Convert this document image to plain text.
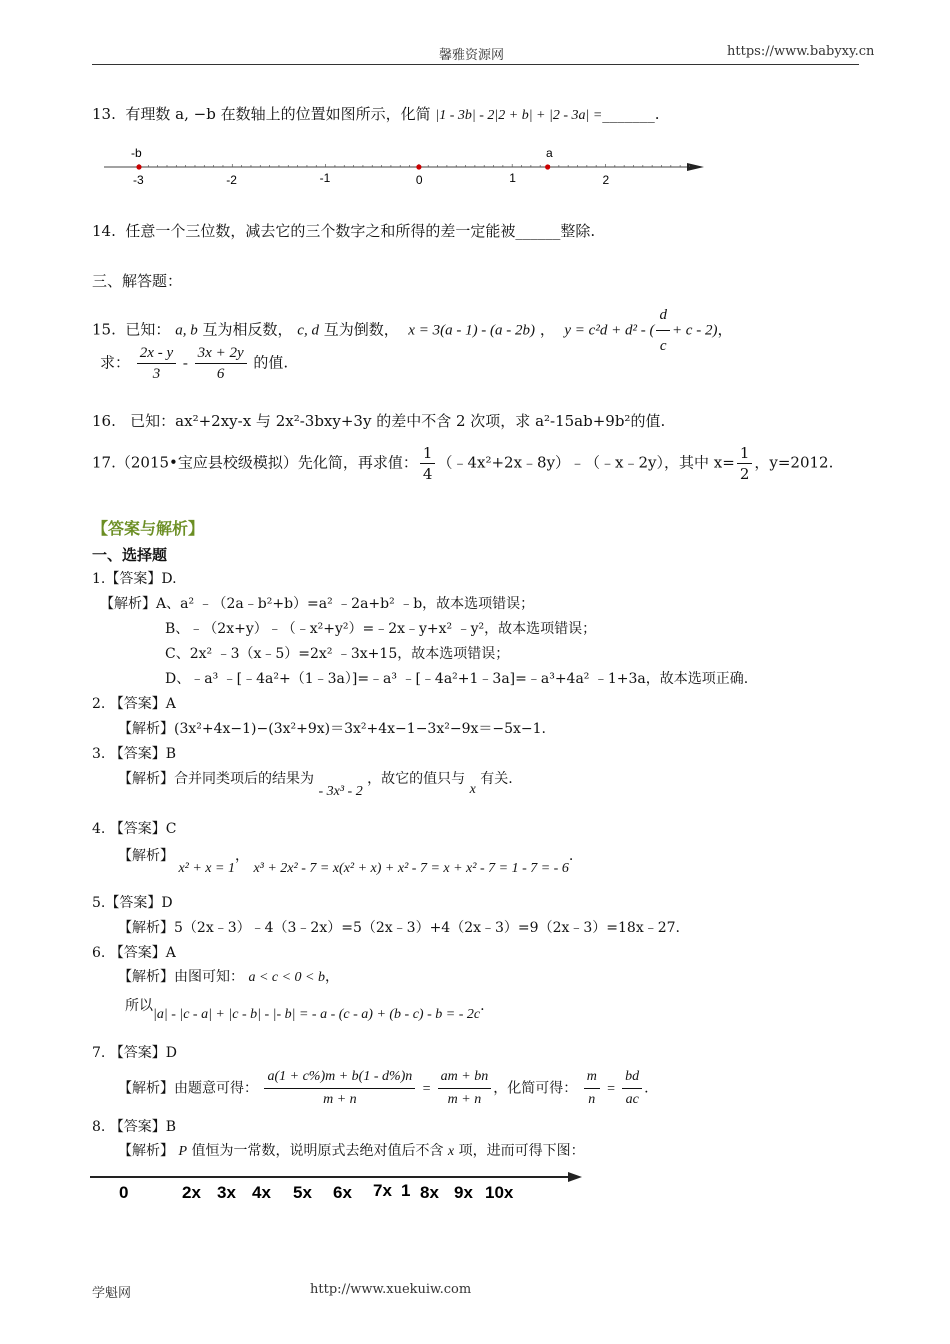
馨雅资源网	https://www.babyxy.cn
13. 有理数 a, −b 在数轴上的位置如图所示，化简 |1 - 3b| - 2|2 + b| + |2 - 3a| =_______.
-3	-2	-1	0	1	2
-b	a
14. 任意一个三位数，减去它的三个数字之和所得的差一定能被______整除.
三、解答题：
15. 已知： a, b 互为相反数， c, d 互为倒数， x = 3(a - 1) - (a - 2b) ， y = c²d + d² - ( $\frac{d}{c} + c - 2$)，
求： $\frac{2x - y}{3} - \frac{3x + 2y}{6}$ 的值.
16. 已知：ax²+2xy-x 与 2x²-3bxy+3y 的差中不含 2 次项，求 a²-15ab+9b²的值.
17.（2015•宝应县校级模拟）先化简，再求值： $\frac{1}{4}$ （﹣4x²+2x﹣8y）﹣（﹣x﹣2y），其中 $x= \frac{1}{2}$ ，y=2012.
【答案与解析】
一、选择题
1.【答案】D.
【解析】A、a² ﹣（2a﹣b²+b）=a² ﹣2a+b² ﹣b，故本选项错误；
B、﹣（2x+y）﹣（﹣x²+y²）=﹣2x﹣y+x² ﹣y²，故本选项错误；
C、2x² ﹣3（x﹣5）=2x² ﹣3x+15，故本选项错误；
D、﹣a³ ﹣[﹣4a²+（1﹣3a）]=﹣a³ ﹣[﹣4a²+1﹣3a]=﹣a³+4a² ﹣1+3a，故本选项正确.
2. 【答案】A
【解析】(3x²+4x−1)−(3x²+9x)＝3x²+4x−1−3x²−9x＝−5x−1.
3. 【答案】B
【解析】合并同类项后的结果为 - 3x³ - 2 ，故它的值只与 x 有关.
4. 【答案】C
【解析】 x² + x = 1， x³ + 2x² - 7 = x(x² + x) + x² - 7 = x + x² - 7 = 1 - 7 = - 6.
5.【答案】D
【解析】5（2x﹣3）﹣4（3﹣2x）=5（2x﹣3）+4（2x﹣3）=9（2x﹣3）=18x﹣27.
6. 【答案】A
【解析】由图可知： a < c < 0 < b，
所以|a| - |c - a| + |c - b| - |- b| = - a - (c - a) + (b - c) - b = - 2c.
7. 【答案】D
【解析】由题意可得： $\frac{a(1 + c\%)m + b(1 - d\%)n}{m + n} = \frac{am + bn}{m + n}$ ，化简可得： $\frac{m}{n} = \frac{bd}{ac}$ .
8. 【答案】B
【解析】 P 值恒为一常数，说明原式去绝对值后不含 x 项，进而可得下图：
0	2x 3x 4x 5x 6x 7x 1 8x 9x 10x
学魁网	http://www.xuekuiw.com
